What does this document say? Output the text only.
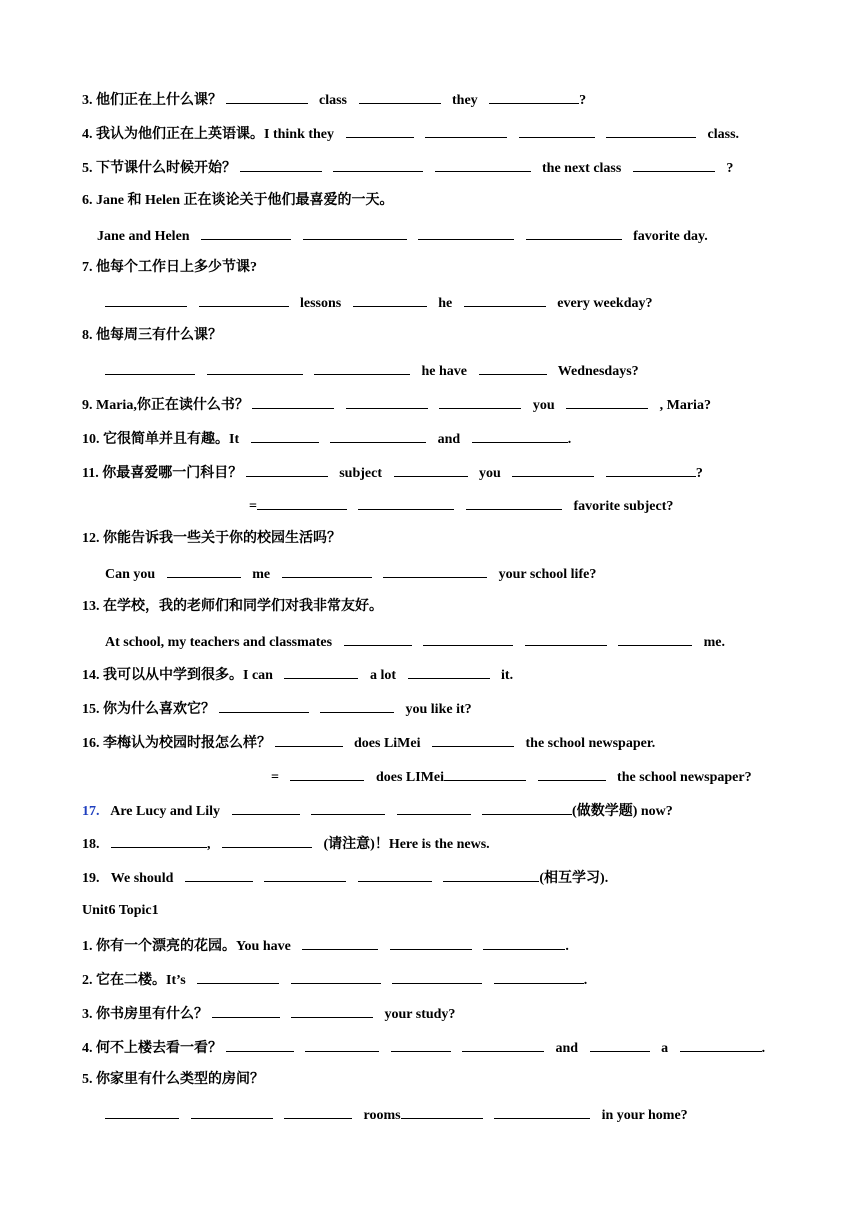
3. 他们正在上什么课？	class	they	?
4. 我认为他们正在上英语课。I think they	class.
5. 下节课什么时候开始？	the next class	?
6. Jane 和 Helen 正在谈论关于他们最喜爱的一天。
Jane and Helen	favorite day.
7. 他每个工作日上多少节课?
lessons	he	every weekday?
8. 他每周三有什么课？
he have	Wednesdays?
9. Maria,你正在读什么书？	you	, Maria?
10. 它很简单并且有趣。It	and	.
11. 你最喜爱哪一门科目？	subject	you	?
=	favorite subject?
12. 你能告诉我一些关于你的校园生活吗？
Can you	me	your school life?
13. 在学校，我的老师们和同学们对我非常友好。
At school, my teachers and classmates	me.
14. 我可以从中学到很多。I can	a lot	it.
15. 你为什么喜欢它？	you like it?
16. 李梅认为校园时报怎么样？	does LiMei	the school newspaper.
=	does LIMei	the school newspaper?
17. Are Lucy and Lily	(做数学题) now?
18.	,	(请注意)！Here is the news.
19. We should	(相互学习).
Unit6 Topic1
1. 你有一个漂亮的花园。You have	.
2. 它在二楼。It’s	.
3. 你书房里有什么？	your study?
4. 何不上楼去看一看？	and	a	.
5. 你家里有什么类型的房间？
rooms	in your home?
